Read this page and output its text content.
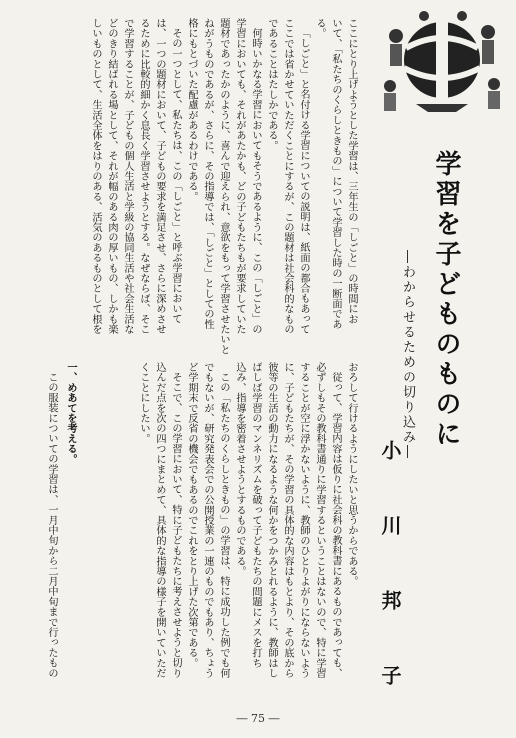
学習を子どものものに
―わからせるための切り込み―
小 川 邦 子
ここにとり上げようとした学習は、三年生の「しごと」の時間にお
いて、「私たちのくらしときもの」について学習した時の一断面であ
る。
「しごと」と名付ける学習についての説明は、紙面の都合もあって
ここでは省かせていただくことにするが、この題材は社会科的なもの
であることはたしかである。
何時いかなる学習においてもそうであるように、この「しごと」の
学習においても、それがあたかも、どの子どもたちもが要求していた
題材であったかのように、喜んで迎えられ、意欲をもって学習させたいと
ねがうものであるが、さらに、その指導では、「しごと」としての性
格にもとづいた配慮があるわけである。
その一つとして、私たちは、この「しごと」と呼ぶ学習において
は、一つの題材において、子どもの要求を満足させ、さらに深めさせ
るために比較的細かく息長く学習させようとする。なぜならば、そこ
で学習することが、子どもの個人生活と学級の協同生活や社会生活な
どのきり結ばれる場として、それが幅のある肉の厚いもの、しかも楽
しいものとして、生活全体をはりのある、活気のあるものとして根を
おろして行けるようにしたいと思うからである。
従って、学習内容は仮りに社会科の教科書にあるものであっても、
必ずしもその教科書通りに学習するということはないので、特に学習
することが空に浮かないように、教師のひとりよがりにならないよう
に、子どもたちが、その学習の具体的な内容はもとより、その底から
彼等の生活の動力になるような何かをつかみとれるように、教師はし
ばしば学習のマンネリズムを破って子どもたちの問題にメスを打ち
込み、指導を密着させようとするものである。
この「私たちのくらしときもの」の学習は、特に成功した例でも何
でもないが、研究発表会での公開授業の一連のものでもあり、ちょう
ど学期末で反省の機会でもあるのでこれをとり上げた次第である。
そこで、この学習において、特に子どもたちに考えさせようと切り
込んだ点を次の四つにまとめて、具体的な指導の様子を開いていただ
くことにしたい。
一、めあてを考える。
この服装についての学習は、一月中旬から二月中旬まで行ったもの
― 75 ―
